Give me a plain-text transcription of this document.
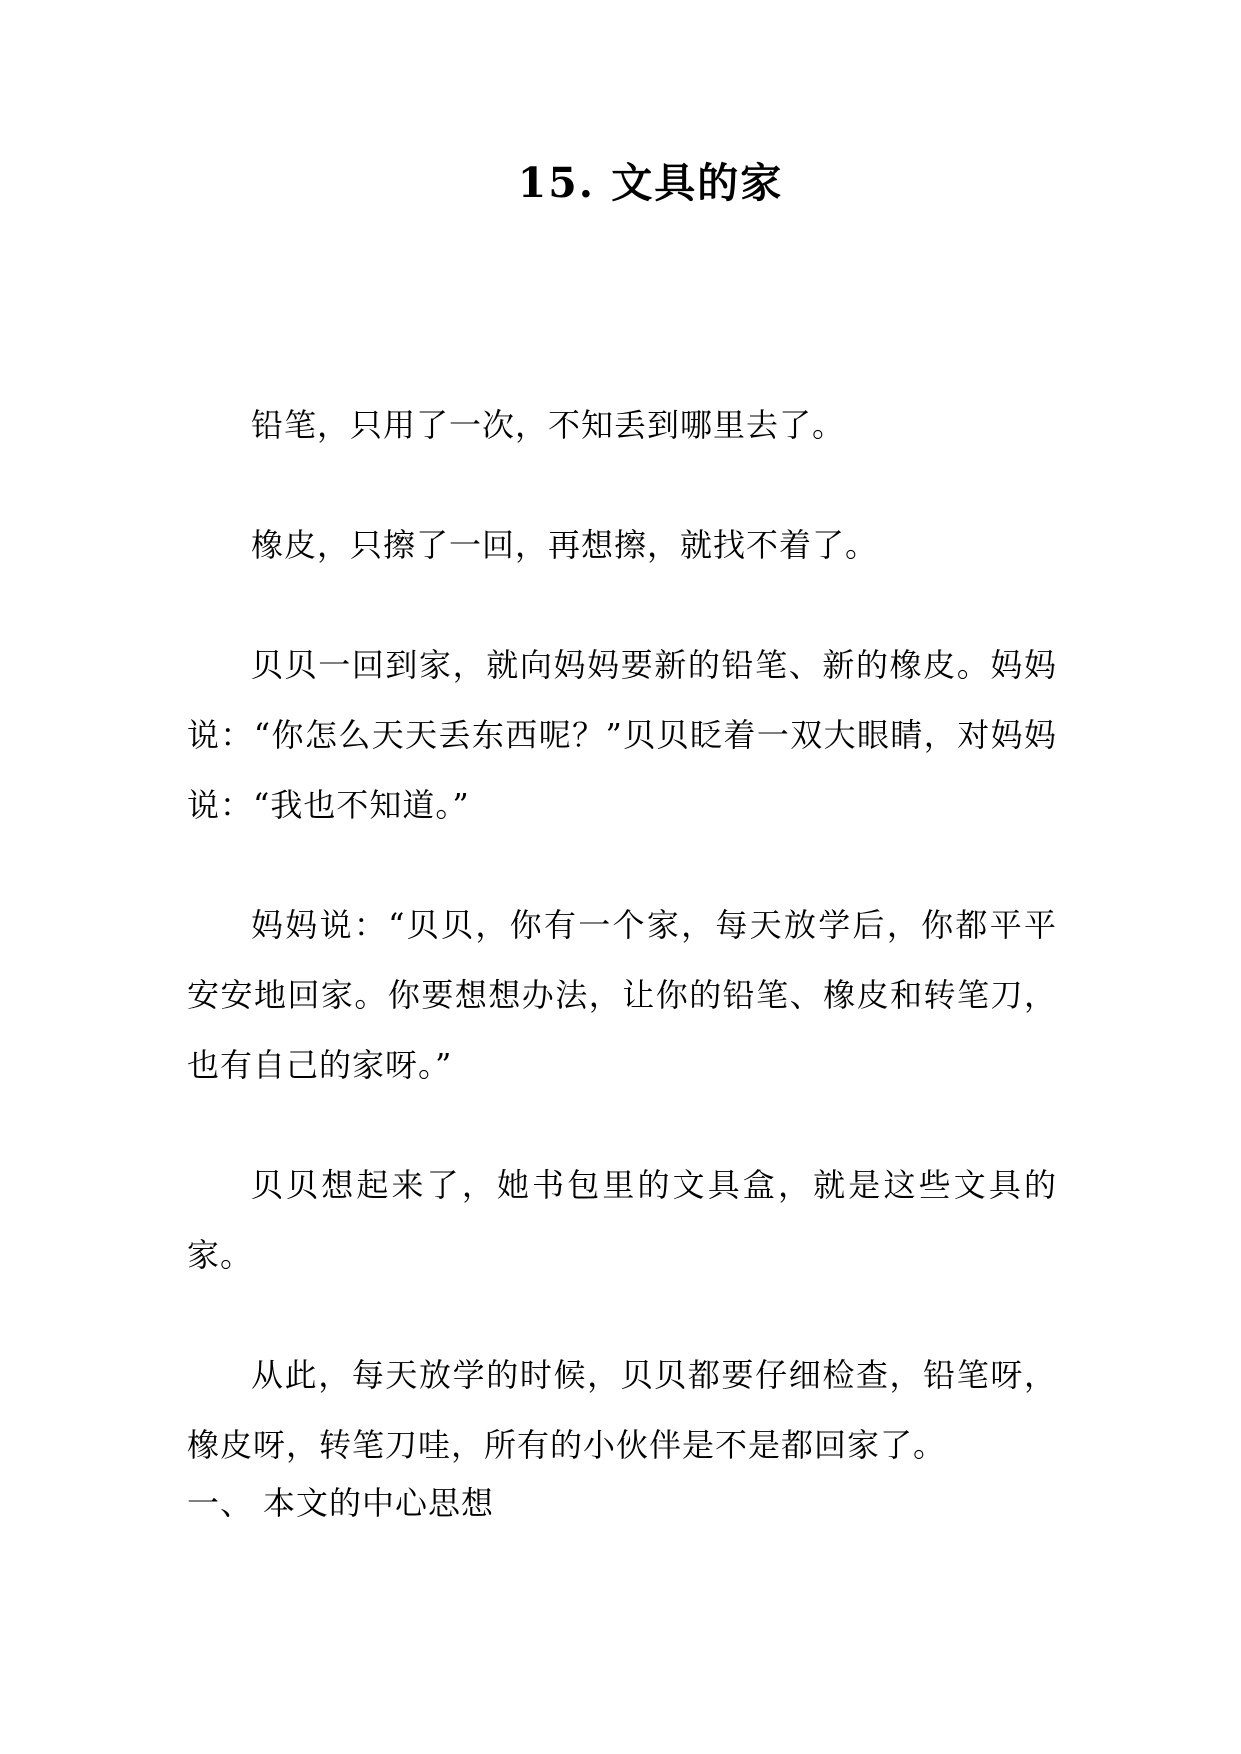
15. 文具的家

铅笔，只用了一次，不知丢到哪里去了。

橡皮，只擦了一回，再想擦，就找不着了。

贝贝一回到家，就向妈妈要新的铅笔、新的橡皮。妈妈说：“你怎么天天丢东西呢？”贝贝眨着一双大眼睛，对妈妈说：“我也不知道。”

妈妈说：“贝贝，你有一个家，每天放学后，你都平平安安地回家。你要想想办法，让你的铅笔、橡皮和转笔刀，也有自己的家呀。”

贝贝想起来了，她书包里的文具盒，就是这些文具的家。

从此，每天放学的时候，贝贝都要仔细检查，铅笔呀，橡皮呀，转笔刀哇，所有的小伙伴是不是都回家了。

一、 本文的中心思想
